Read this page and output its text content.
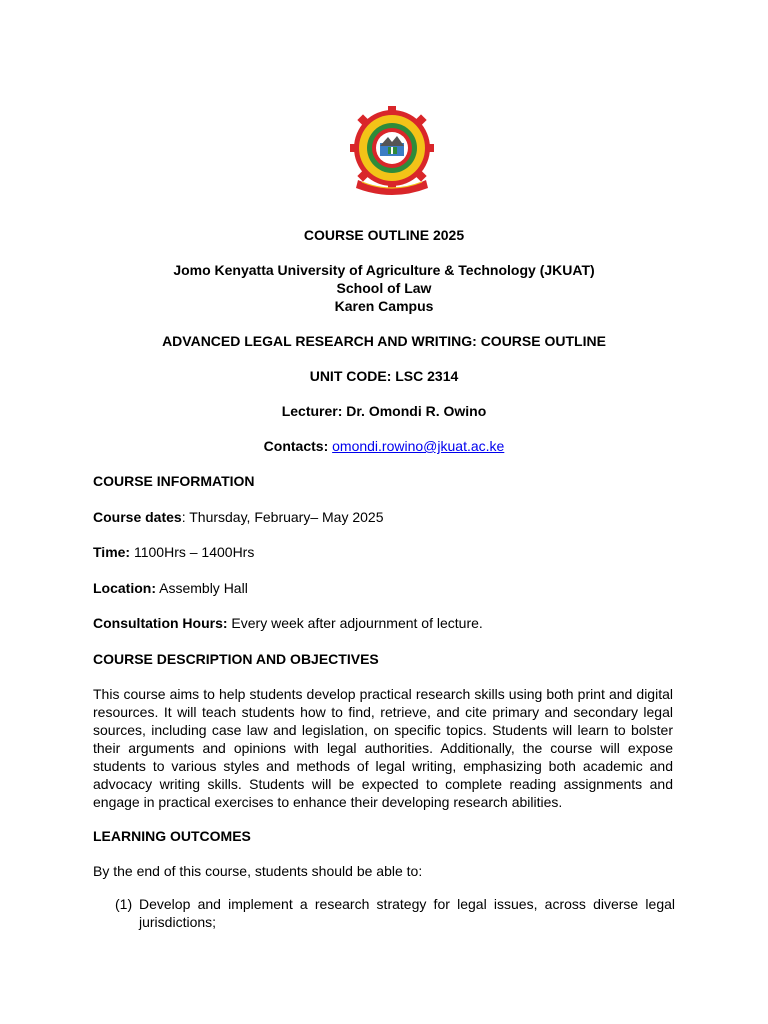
COURSE OUTLINE 2025
Jomo Kenyatta University of Agriculture & Technology (JKUAT)
School of Law
Karen Campus
ADVANCED LEGAL RESEARCH AND WRITING: COURSE OUTLINE
UNIT CODE: LSC 2314
Lecturer: Dr. Omondi R. Owino
Contacts: omondi.rowino@jkuat.ac.ke
COURSE INFORMATION
Course dates: Thursday, February– May 2025
Time: 1100Hrs – 1400Hrs
Location: Assembly Hall
Consultation Hours: Every week after adjournment of lecture.
COURSE DESCRIPTION AND OBJECTIVES
This course aims to help students develop practical research skills using both print and digital resources. It will teach students how to find, retrieve, and cite primary and secondary legal sources, including case law and legislation, on specific topics. Students will learn to bolster their arguments and opinions with legal authorities. Additionally, the course will expose students to various styles and methods of legal writing, emphasizing both academic and advocacy writing skills. Students will be expected to complete reading assignments and engage in practical exercises to enhance their developing research abilities.
LEARNING OUTCOMES
By the end of this course, students should be able to:
(1) Develop and implement a research strategy for legal issues, across diverse legal jurisdictions;
